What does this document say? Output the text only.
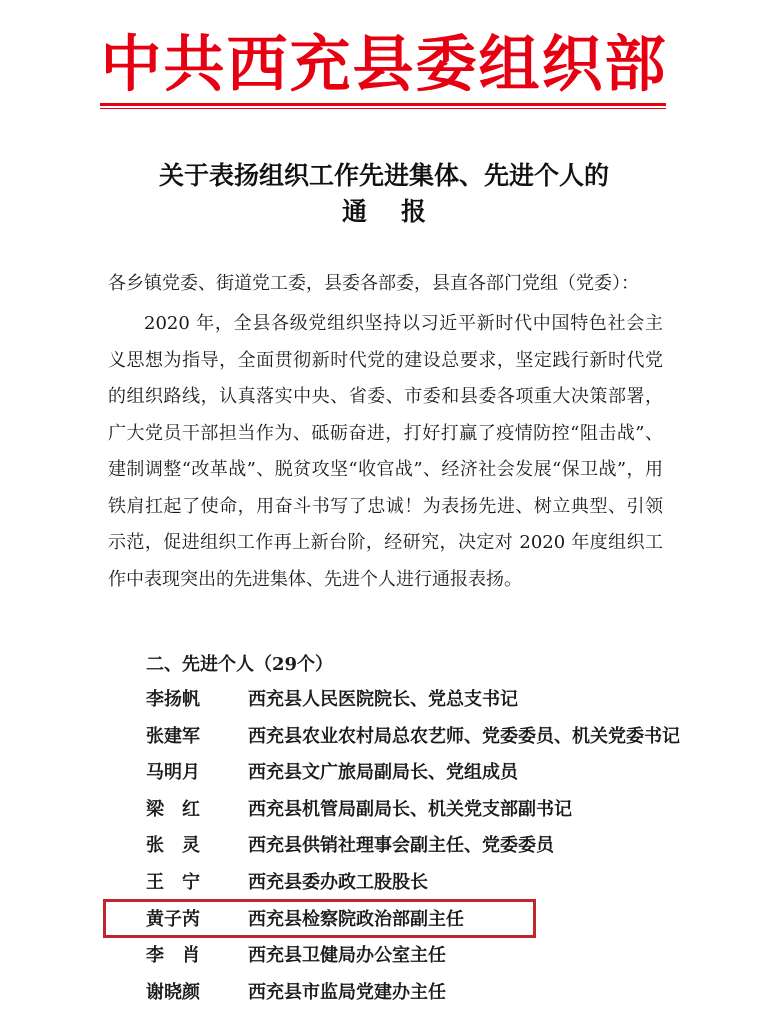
中共西充县委组织部
关于表扬组织工作先进集体、先进个人的
通报
各乡镇党委、街道党工委，县委各部委，县直各部门党组（党委）：

2020 年，全县各级党组织坚持以习近平新时代中国特色社会主义思想为指导，全面贯彻新时代党的建设总要求，坚定践行新时代党的组织路线，认真落实中央、省委、市委和县委各项重大决策部署，广大党员干部担当作为、砥砺奋进，打好打赢了疫情防控“阻击战”、建制调整“改革战”、脱贫攻坚“收官战”、经济社会发展“保卫战”，用铁肩扛起了使命，用奋斗书写了忠诚！为表扬先进、树立典型、引领示范，促进组织工作再上新台阶，经研究，决定对 2020 年度组织工作中表现突出的先进集体、先进个人进行通报表扬。

二、先进个人（29个）
李扬帆	西充县人民医院院长、党总支书记
张建军	西充县农业农村局总农艺师、党委委员、机关党委书记
马明月	西充县文广旅局副局长、党组成员
梁　红	西充县机管局副局长、机关党支部副书记
张　灵	西充县供销社理事会副主任、党委委员
王　宁	西充县委办政工股股长
黄子芮	西充县检察院政治部副主任
李　肖	西充县卫健局办公室主任
谢晓颜	西充县市监局党建办主任
